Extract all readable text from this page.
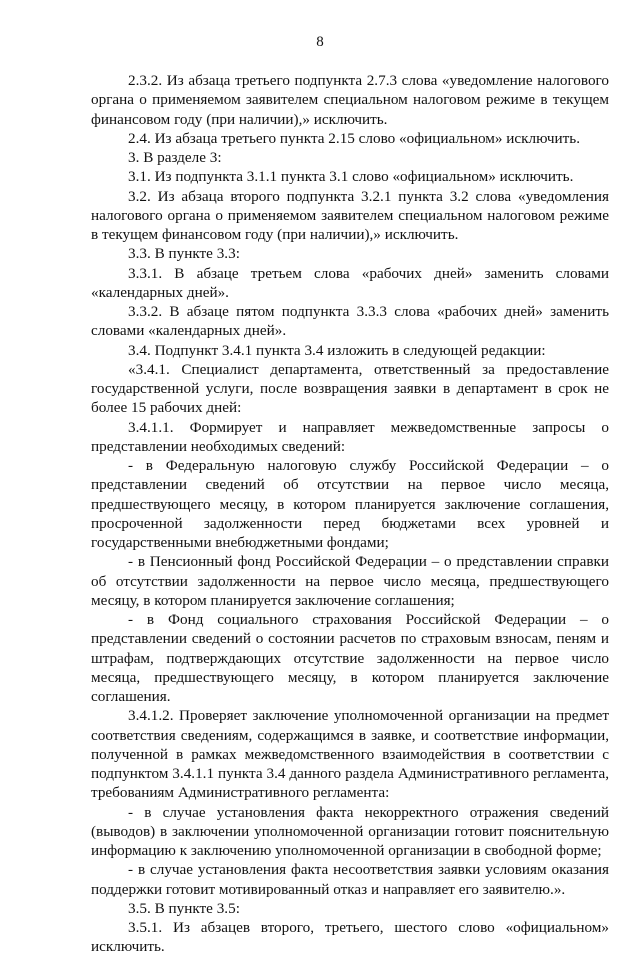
8

2.3.2. Из абзаца третьего подпункта 2.7.3 слова «уведомление налогового органа о применяемом заявителем специальном налоговом режиме в текущем финансовом году (при наличии),» исключить.

2.4. Из абзаца третьего пункта 2.15 слово «официальном» исключить.

3. В разделе 3:

3.1. Из подпункта 3.1.1 пункта 3.1 слово «официальном» исключить.

3.2. Из абзаца второго подпункта 3.2.1 пункта 3.2 слова «уведомления налогового органа о применяемом заявителем специальном налоговом режиме в текущем финансовом году (при наличии),» исключить.

3.3. В пункте 3.3:

3.3.1. В абзаце третьем слова «рабочих дней» заменить словами «календарных дней».

3.3.2. В абзаце пятом подпункта 3.3.3 слова «рабочих дней» заменить словами «календарных дней».

3.4. Подпункт 3.4.1 пункта 3.4 изложить в следующей редакции:

«3.4.1. Специалист департамента, ответственный за предоставление государственной услуги, после возвращения заявки в департамент в срок не более 15 рабочих дней:

3.4.1.1. Формирует и направляет межведомственные запросы о представлении необходимых сведений:

- в Федеральную налоговую службу Российской Федерации – о представлении сведений об отсутствии на первое число месяца, предшествующего месяцу, в котором планируется заключение соглашения, просроченной задолженности перед бюджетами всех уровней и государственными внебюджетными фондами;

- в Пенсионный фонд Российской Федерации – о представлении справки об отсутствии задолженности на первое число месяца, предшествующего месяцу, в котором планируется заключение соглашения;

- в Фонд социального страхования Российской Федерации – о представлении сведений о состоянии расчетов по страховым взносам, пеням и штрафам, подтверждающих отсутствие задолженности на первое число месяца, предшествующего месяцу, в котором планируется заключение соглашения.

3.4.1.2. Проверяет заключение уполномоченной организации на предмет соответствия сведениям, содержащимся в заявке, и соответствие информации, полученной в рамках межведомственного взаимодействия в соответствии с подпунктом 3.4.1.1 пункта 3.4 данного раздела Административного регламента, требованиям Административного регламента:

- в случае установления факта некорректного отражения сведений (выводов) в заключении уполномоченной организации готовит пояснительную информацию к заключению уполномоченной организации в свободной форме;

- в случае установления факта несоответствия заявки условиям оказания поддержки готовит мотивированный отказ и направляет его заявителю.».

3.5. В пункте 3.5:

3.5.1. Из абзацев второго, третьего, шестого слово «официальном» исключить.
